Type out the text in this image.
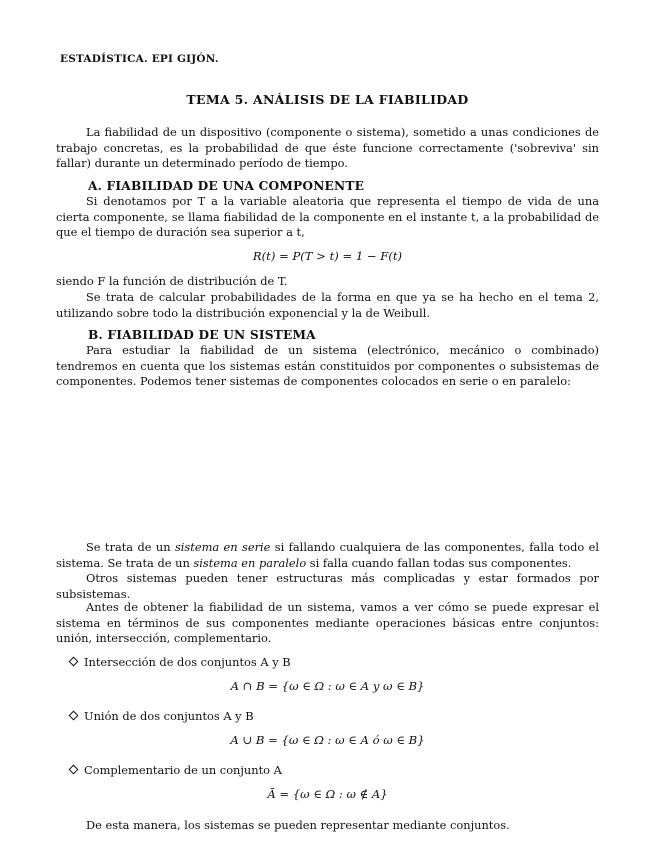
ESTADÍSTICA. EPI GIJÓN.
TEMA 5. ANÁLISIS DE LA FIABILIDAD
La fiabilidad de un dispositivo (componente o sistema), sometido a unas condiciones de trabajo concretas, es la probabilidad de que éste funcione correctamente ('sobreviva' sin fallar) durante un determinado período de tiempo.
A. FIABILIDAD DE UNA COMPONENTE
Si denotamos por T a la variable aleatoria que representa el tiempo de vida de una cierta componente, se llama fiabilidad de la componente en el instante t, a la probabilidad de que el tiempo de duración sea superior a t,
R(t) = P(T > t) = 1 − F(t)
siendo F la función de distribución de T.
Se trata de calcular probabilidades de la forma en que ya se ha hecho en el tema 2, utilizando sobre todo la distribución exponencial y la de Weibull.
B. FIABILIDAD DE UN SISTEMA
Para estudiar la fiabilidad de un sistema (electrónico, mecánico o combinado) tendremos en cuenta que los sistemas están constituidos por componentes o subsistemas de componentes. Podemos tener sistemas de componentes colocados en serie o en paralelo:
Se trata de un sistema en serie si fallando cualquiera de las componentes, falla todo el sistema. Se trata de un sistema en paralelo si falla cuando fallan todas sus componentes.
Otros sistemas pueden tener estructuras más complicadas y estar formados por subsistemas.
Antes de obtener la fiabilidad de un sistema, vamos a ver cómo se puede expresar el sistema en términos de sus componentes mediante operaciones básicas entre conjuntos: unión, intersección, complementario.
Intersección de dos conjuntos A y B
A ∩ B = {ω ∈ Ω : ω ∈ A y ω ∈ B}
Unión de dos conjuntos A y B
A ∪ B = {ω ∈ Ω : ω ∈ A ó ω ∈ B}
Complementario de un conjunto A
Ā = {ω ∈ Ω : ω ∉ A}
De esta manera, los sistemas se pueden representar mediante conjuntos.
